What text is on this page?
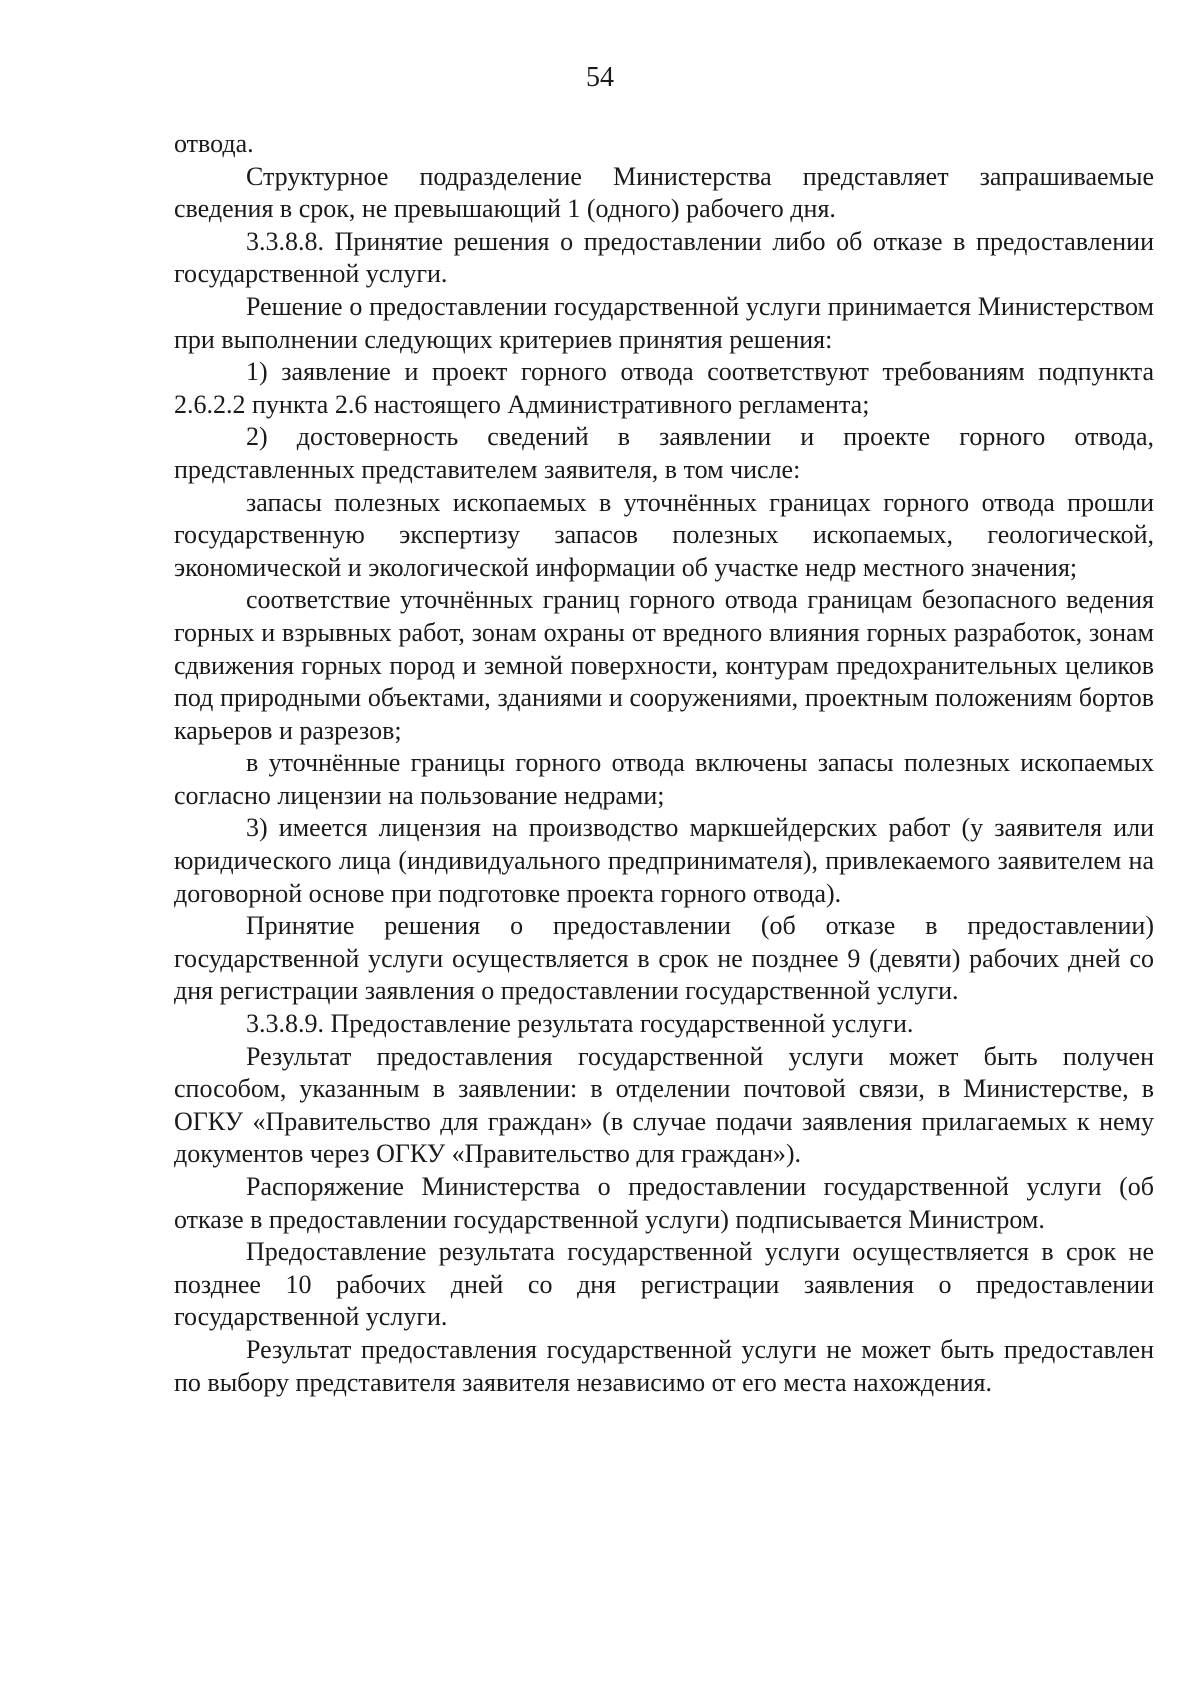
54

отвода.

Структурное подразделение Министерства представляет запрашиваемые сведения в срок, не превышающий 1 (одного) рабочего дня.

3.3.8.8. Принятие решения о предоставлении либо об отказе в предоставлении государственной услуги.

Решение о предоставлении государственной услуги принимается Министерством при выполнении следующих критериев принятия решения:

1) заявление и проект горного отвода соответствуют требованиям подпункта 2.6.2.2 пункта 2.6 настоящего Административного регламента;

2) достоверность сведений в заявлении и проекте горного отвода, представленных представителем заявителя, в том числе:

запасы полезных ископаемых в уточнённых границах горного отвода прошли государственную экспертизу запасов полезных ископаемых, геологической, экономической и экологической информации об участке недр местного значения;

соответствие уточнённых границ горного отвода границам безопасного ведения горных и взрывных работ, зонам охраны от вредного влияния горных разработок, зонам сдвижения горных пород и земной поверхности, контурам предохранительных целиков под природными объектами, зданиями и сооружениями, проектным положениям бортов карьеров и разрезов;

в уточнённые границы горного отвода включены запасы полезных ископаемых согласно лицензии на пользование недрами;

3) имеется лицензия на производство маркшейдерских работ (у заявителя или юридического лица (индивидуального предпринимателя), привлекаемого заявителем на договорной основе при подготовке проекта горного отвода).

Принятие решения о предоставлении (об отказе в предоставлении) государственной услуги осуществляется в срок не позднее 9 (девяти) рабочих дней со дня регистрации заявления о предоставлении государственной услуги.

3.3.8.9. Предоставление результата государственной услуги.

Результат предоставления государственной услуги может быть получен способом, указанным в заявлении: в отделении почтовой связи, в Министерстве, в ОГКУ «Правительство для граждан» (в случае подачи заявления прилагаемых к нему документов через ОГКУ «Правительство для граждан»).

Распоряжение Министерства о предоставлении государственной услуги (об отказе в предоставлении государственной услуги) подписывается Министром.

Предоставление результата государственной услуги осуществляется в срок не позднее 10 рабочих дней со дня регистрации заявления о предоставлении государственной услуги.

Результат предоставления государственной услуги не может быть предоставлен по выбору представителя заявителя независимо от его места нахождения.
